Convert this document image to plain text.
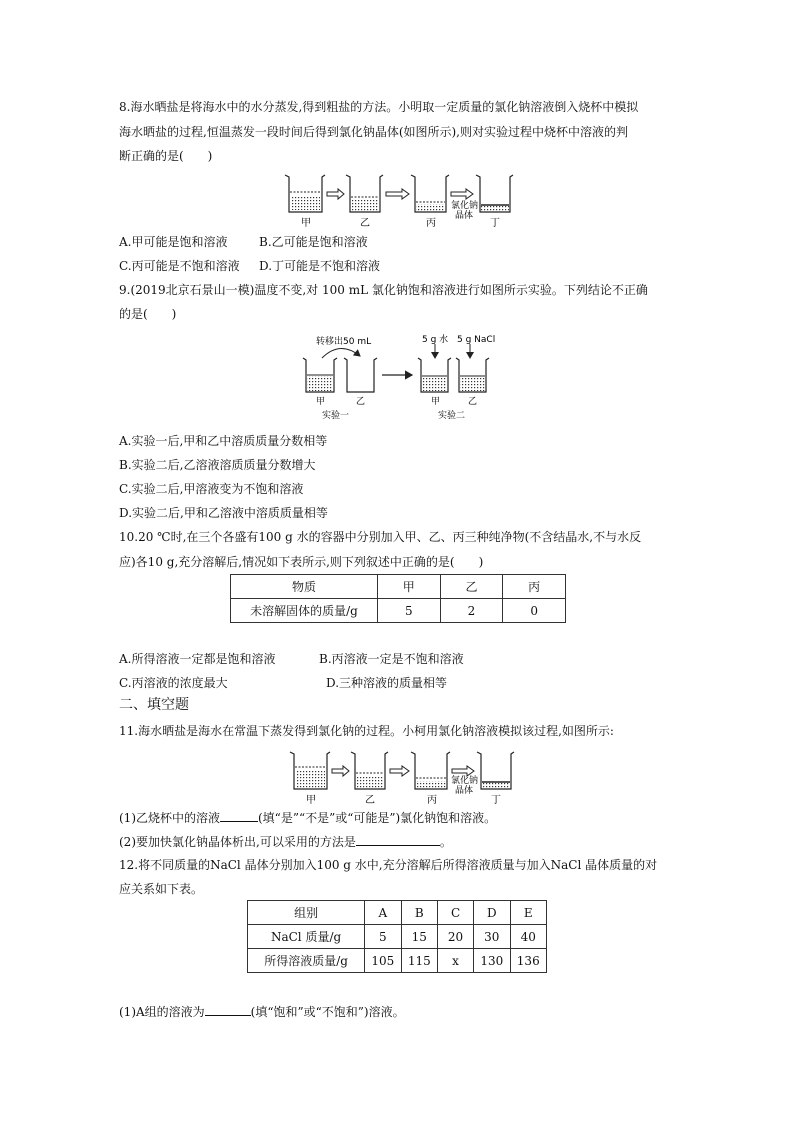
8.海水晒盐是将海水中的水分蒸发,得到粗盐的方法。小明取一定质量的氯化钠溶液倒入烧杯中模拟
海水晒盐的过程,恒温蒸发一段时间后得到氯化钠晶体(如图所示),则对实验过程中烧杯中溶液的判
断正确的是(　　)
氯化钠
晶体
甲	乙	丙	丁
A.甲可能是饱和溶液	B.乙可能是饱和溶液
C.丙可能是不饱和溶液 D.丁可能是不饱和溶液
9.(2019北京石景山一模)温度不变,对 100 mL 氯化钠饱和溶液进行如图所示实验。下列结论不正确
的是(　　)
转移出50 mL	5 g 水 5 g NaCl
甲	乙	甲	乙
实验一	实验二
A.实验一后,甲和乙中溶质质量分数相等
B.实验二后,乙溶液溶质质量分数增大
C.实验二后,甲溶液变为不饱和溶液
D.实验二后,甲和乙溶液中溶质质量相等
10.20 ℃时,在三个各盛有100 g 水的容器中分别加入甲、乙、丙三种纯净物(不含结晶水,不与水反
应)各10 g,充分溶解后,情况如下表所示,则下列叙述中正确的是(　　)
物质	甲	乙	丙
未溶解固体的质量/g	5	2	0
A.所得溶液一定都是饱和溶液	B.丙溶液一定是不饱和溶液
C.丙溶液的浓度最大	D.三种溶液的质量相等
二、填空题
11.海水晒盐是海水在常温下蒸发得到氯化钠的过程。小柯用氯化钠溶液模拟该过程,如图所示:
氯化钠
晶体
甲	乙	丙	丁
(1)乙烧杯中的溶液	(填“是”“不是”或“可能是”)氯化钠饱和溶液。
(2)要加快氯化钠晶体析出,可以采用的方法是	。
12.将不同质量的NaCl 晶体分别加入100 g 水中,充分溶解后所得溶液质量与加入NaCl 晶体质量的对
应关系如下表。
组别	A	B	C	D	E
NaCl 质量/g	5	15	20	30	40
所得溶液质量/g	105	115	x	130	136
(1)A组的溶液为	(填“饱和”或“不饱和”)溶液。
